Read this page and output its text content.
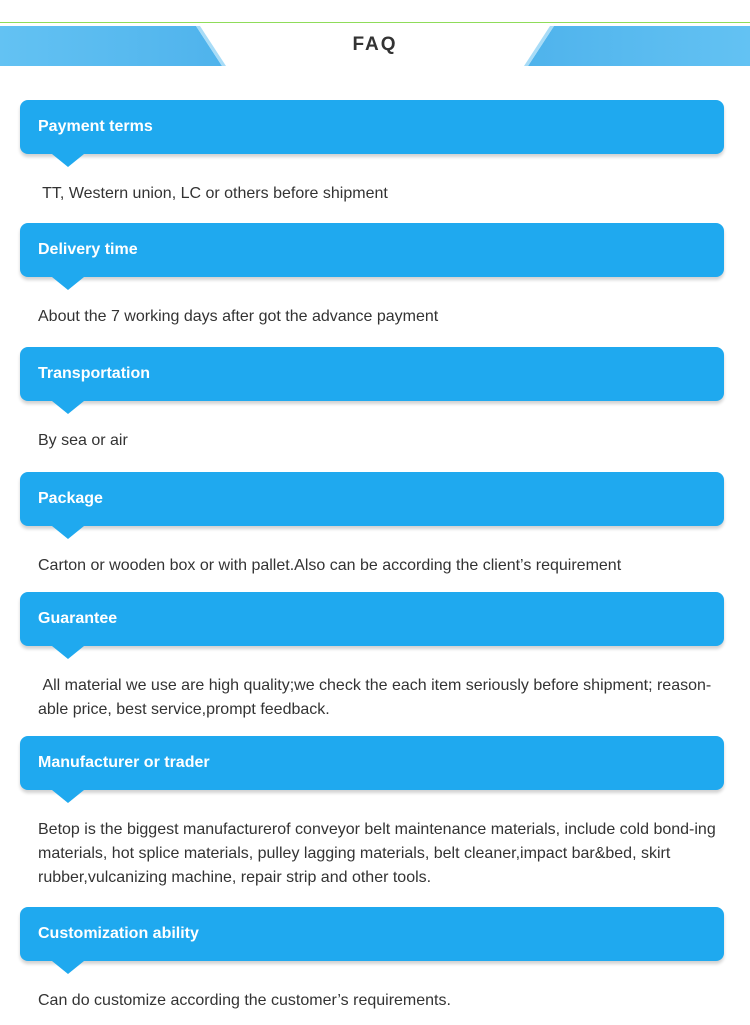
FAQ
Payment terms
TT, Western union, LC or others before shipment
Delivery time
About the 7 working days after got the advance payment
Transportation
By sea or air
Package
Carton or wooden box or with pallet.Also can be according the client’s requirement
Guarantee
All material we use are high quality;we check the each item seriously before shipment; reason-able price, best service,prompt feedback.
Manufacturer or trader
Betop is the biggest manufacturerof conveyor belt maintenance materials, include cold bond-ing materials, hot splice materials, pulley lagging materials, belt cleaner,impact bar&bed, skirt rubber,vulcanizing machine, repair strip and other tools.
Customization ability
Can do customize according the customer’s requirements.
